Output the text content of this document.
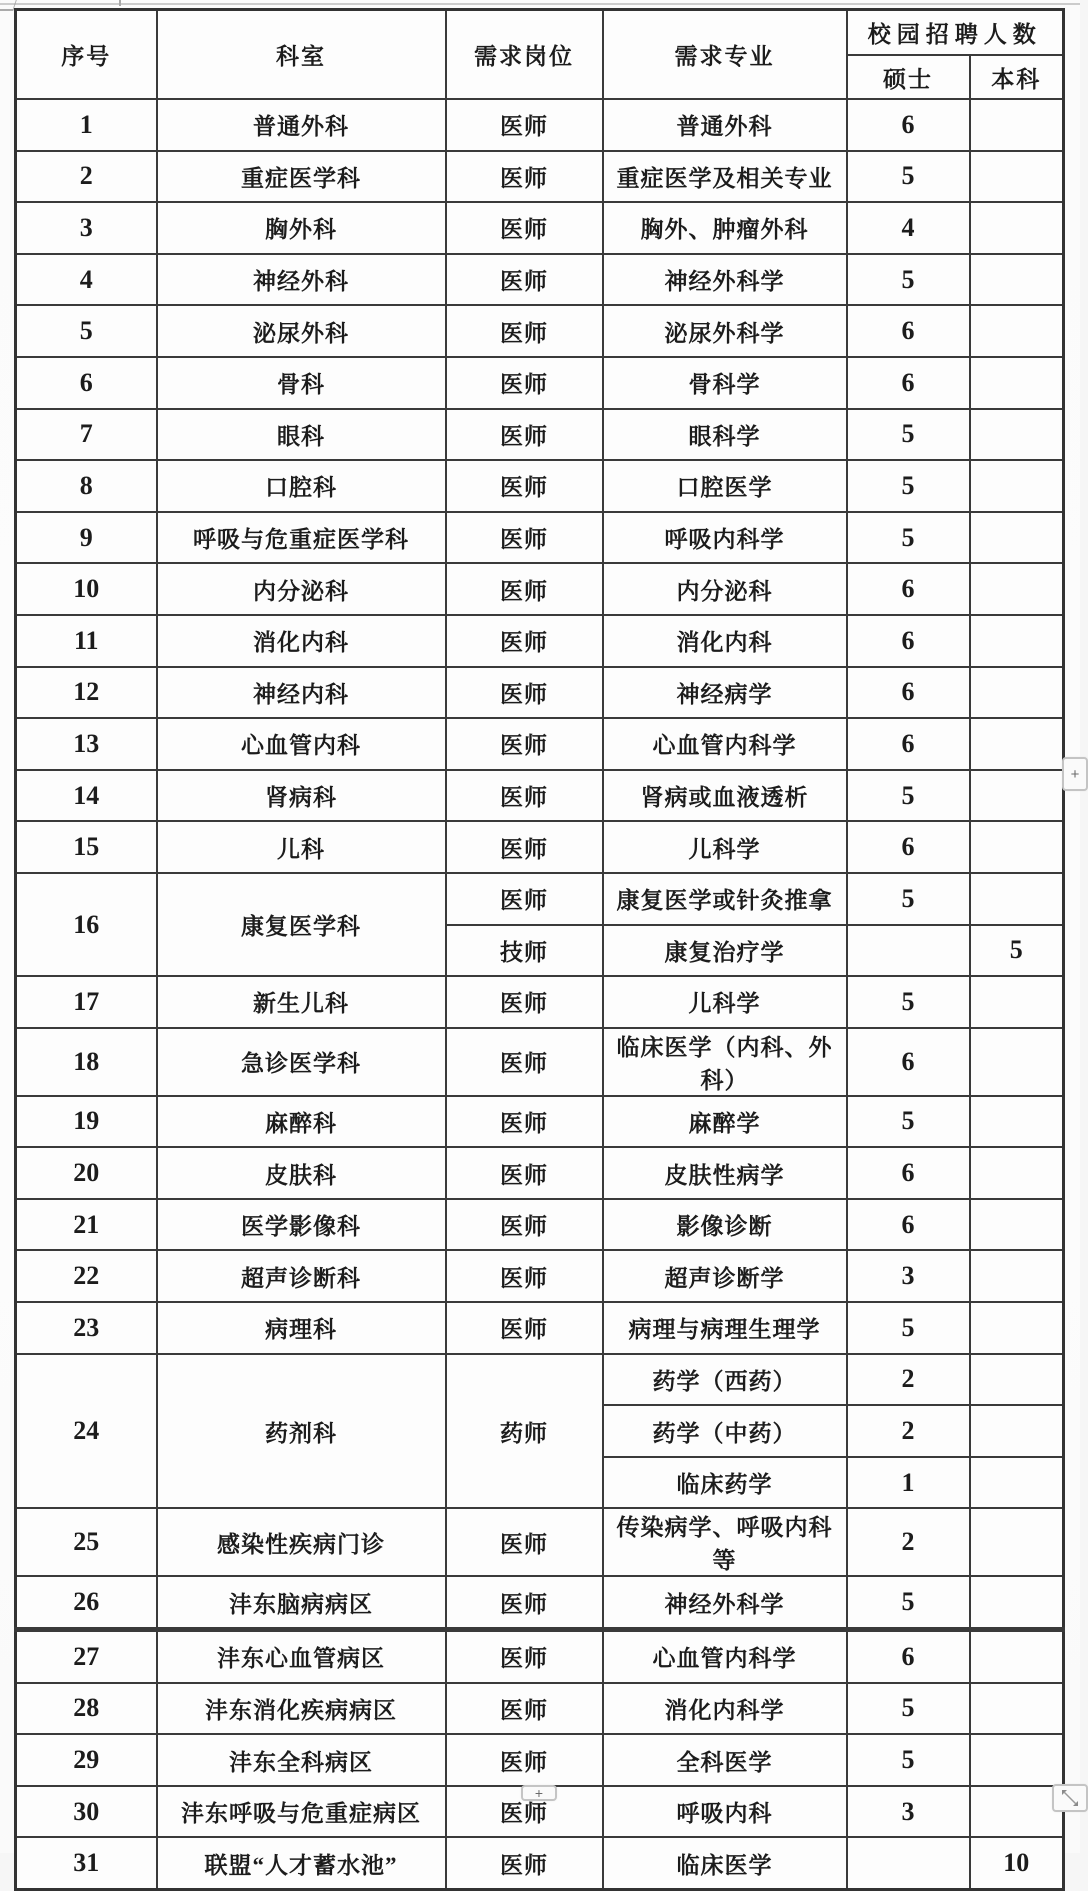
序号	科室	需求岗位	需求专业	校园招聘人数	
				硕士	本科
1	普通外科	医师	普通外科	6	
2	重症医学科	医师	重症医学及相关专业	5	
3	胸外科	医师	胸外、肿瘤外科	4	
4	神经外科	医师	神经外科学	5	
5	泌尿外科	医师	泌尿外科学	6	
6	骨科	医师	骨科学	6	
7	眼科	医师	眼科学	5	
8	口腔科	医师	口腔医学	5	
9	呼吸与危重症医学科	医师	呼吸内科学	5	
10	内分泌科	医师	内分泌科	6	
11	消化内科	医师	消化内科	6	
12	神经内科	医师	神经病学	6	
13	心血管内科	医师	心血管内科学	6	
14	肾病科	医师	肾病或血液透析	5	
15	儿科	医师	儿科学	6	
16	康复医学科	医师	康复医学或针灸推拿	5	
		技师	康复治疗学		5
17	新生儿科	医师	儿科学	5	
18	急诊医学科	医师	临床医学（内科、外科）	6	
19	麻醉科	医师	麻醉学	5	
20	皮肤科	医师	皮肤性病学	6	
21	医学影像科	医师	影像诊断	6	
22	超声诊断科	医师	超声诊断学	3	
23	病理科	医师	病理与病理生理学	5	
24	药剂科	药师	药学（西药）	2	
			药学（中药）	2	
			临床药学	1	
25	感染性疾病门诊	医师	传染病学、呼吸内科等	2	
26	沣东脑病病区	医师	神经外科学	5	
27	沣东心血管病区	医师	心血管内科学	6	
28	沣东消化疾病病区	医师	消化内科学	5	
29	沣东全科病区	医师	全科医学	5	
30	沣东呼吸与危重症病区	医师	呼吸内科	3	
31	联盟“人才蓄水池”	医师	临床医学		10
+
+
